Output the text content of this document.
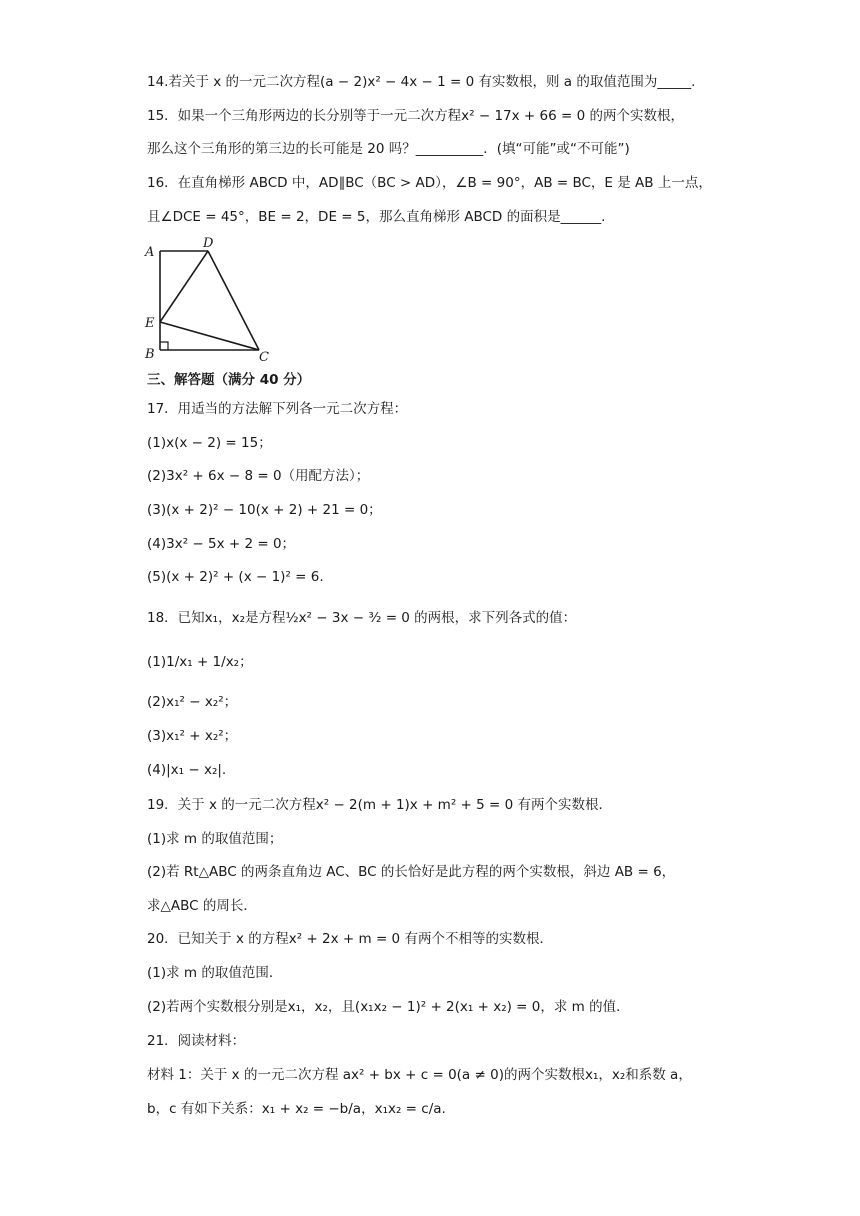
14.若关于 x 的一元二次方程(a − 2)x² − 4x − 1 = 0 有实数根，则 a 的取值范围为_____.
15．如果一个三角形两边的长分别等于一元二次方程x² − 17x + 66 = 0 的两个实数根，
那么这个三角形的第三边的长可能是 20 吗？__________．(填“可能”或“不可能”)
16．在直角梯形 ABCD 中，AD∥BC（BC > AD），∠B = 90°，AB = BC，E 是 AB 上一点，
且∠DCE = 45°，BE = 2，DE = 5，那么直角梯形 ABCD 的面积是______.
A
D
E
B	C
三、解答题（满分 40 分）
17．用适当的方法解下列各一元二次方程：
(1)x(x − 2) = 15；
(2)3x² + 6x − 8 = 0（用配方法）；
(3)(x + 2)² − 10(x + 2) + 21 = 0；
(4)3x² − 5x + 2 = 0；
(5)(x + 2)² + (x − 1)² = 6.
18．已知x₁，x₂是方程½x² − 3x − ³⁄₂ = 0 的两根，求下列各式的值：
(1)1/x₁ + 1/x₂；
(2)x₁² − x₂²；
(3)x₁² + x₂²；
(4)|x₁ − x₂|.
19．关于 x 的一元二次方程x² − 2(m + 1)x + m² + 5 = 0 有两个实数根．
(1)求 m 的取值范围；
(2)若 Rt△ABC 的两条直角边 AC、BC 的长恰好是此方程的两个实数根，斜边 AB = 6，
求△ABC 的周长．
20．已知关于 x 的方程x² + 2x + m = 0 有两个不相等的实数根．
(1)求 m 的取值范围．
(2)若两个实数根分别是x₁，x₂，且(x₁x₂ − 1)² + 2(x₁ + x₂) = 0，求 m 的值．
21．阅读材料：
材料 1：关于 x 的一元二次方程 ax² + bx + c = 0(a ≠ 0)的两个实数根x₁，x₂和系数 a，
b，c 有如下关系：x₁ + x₂ = −b/a，x₁x₂ = c/a.
